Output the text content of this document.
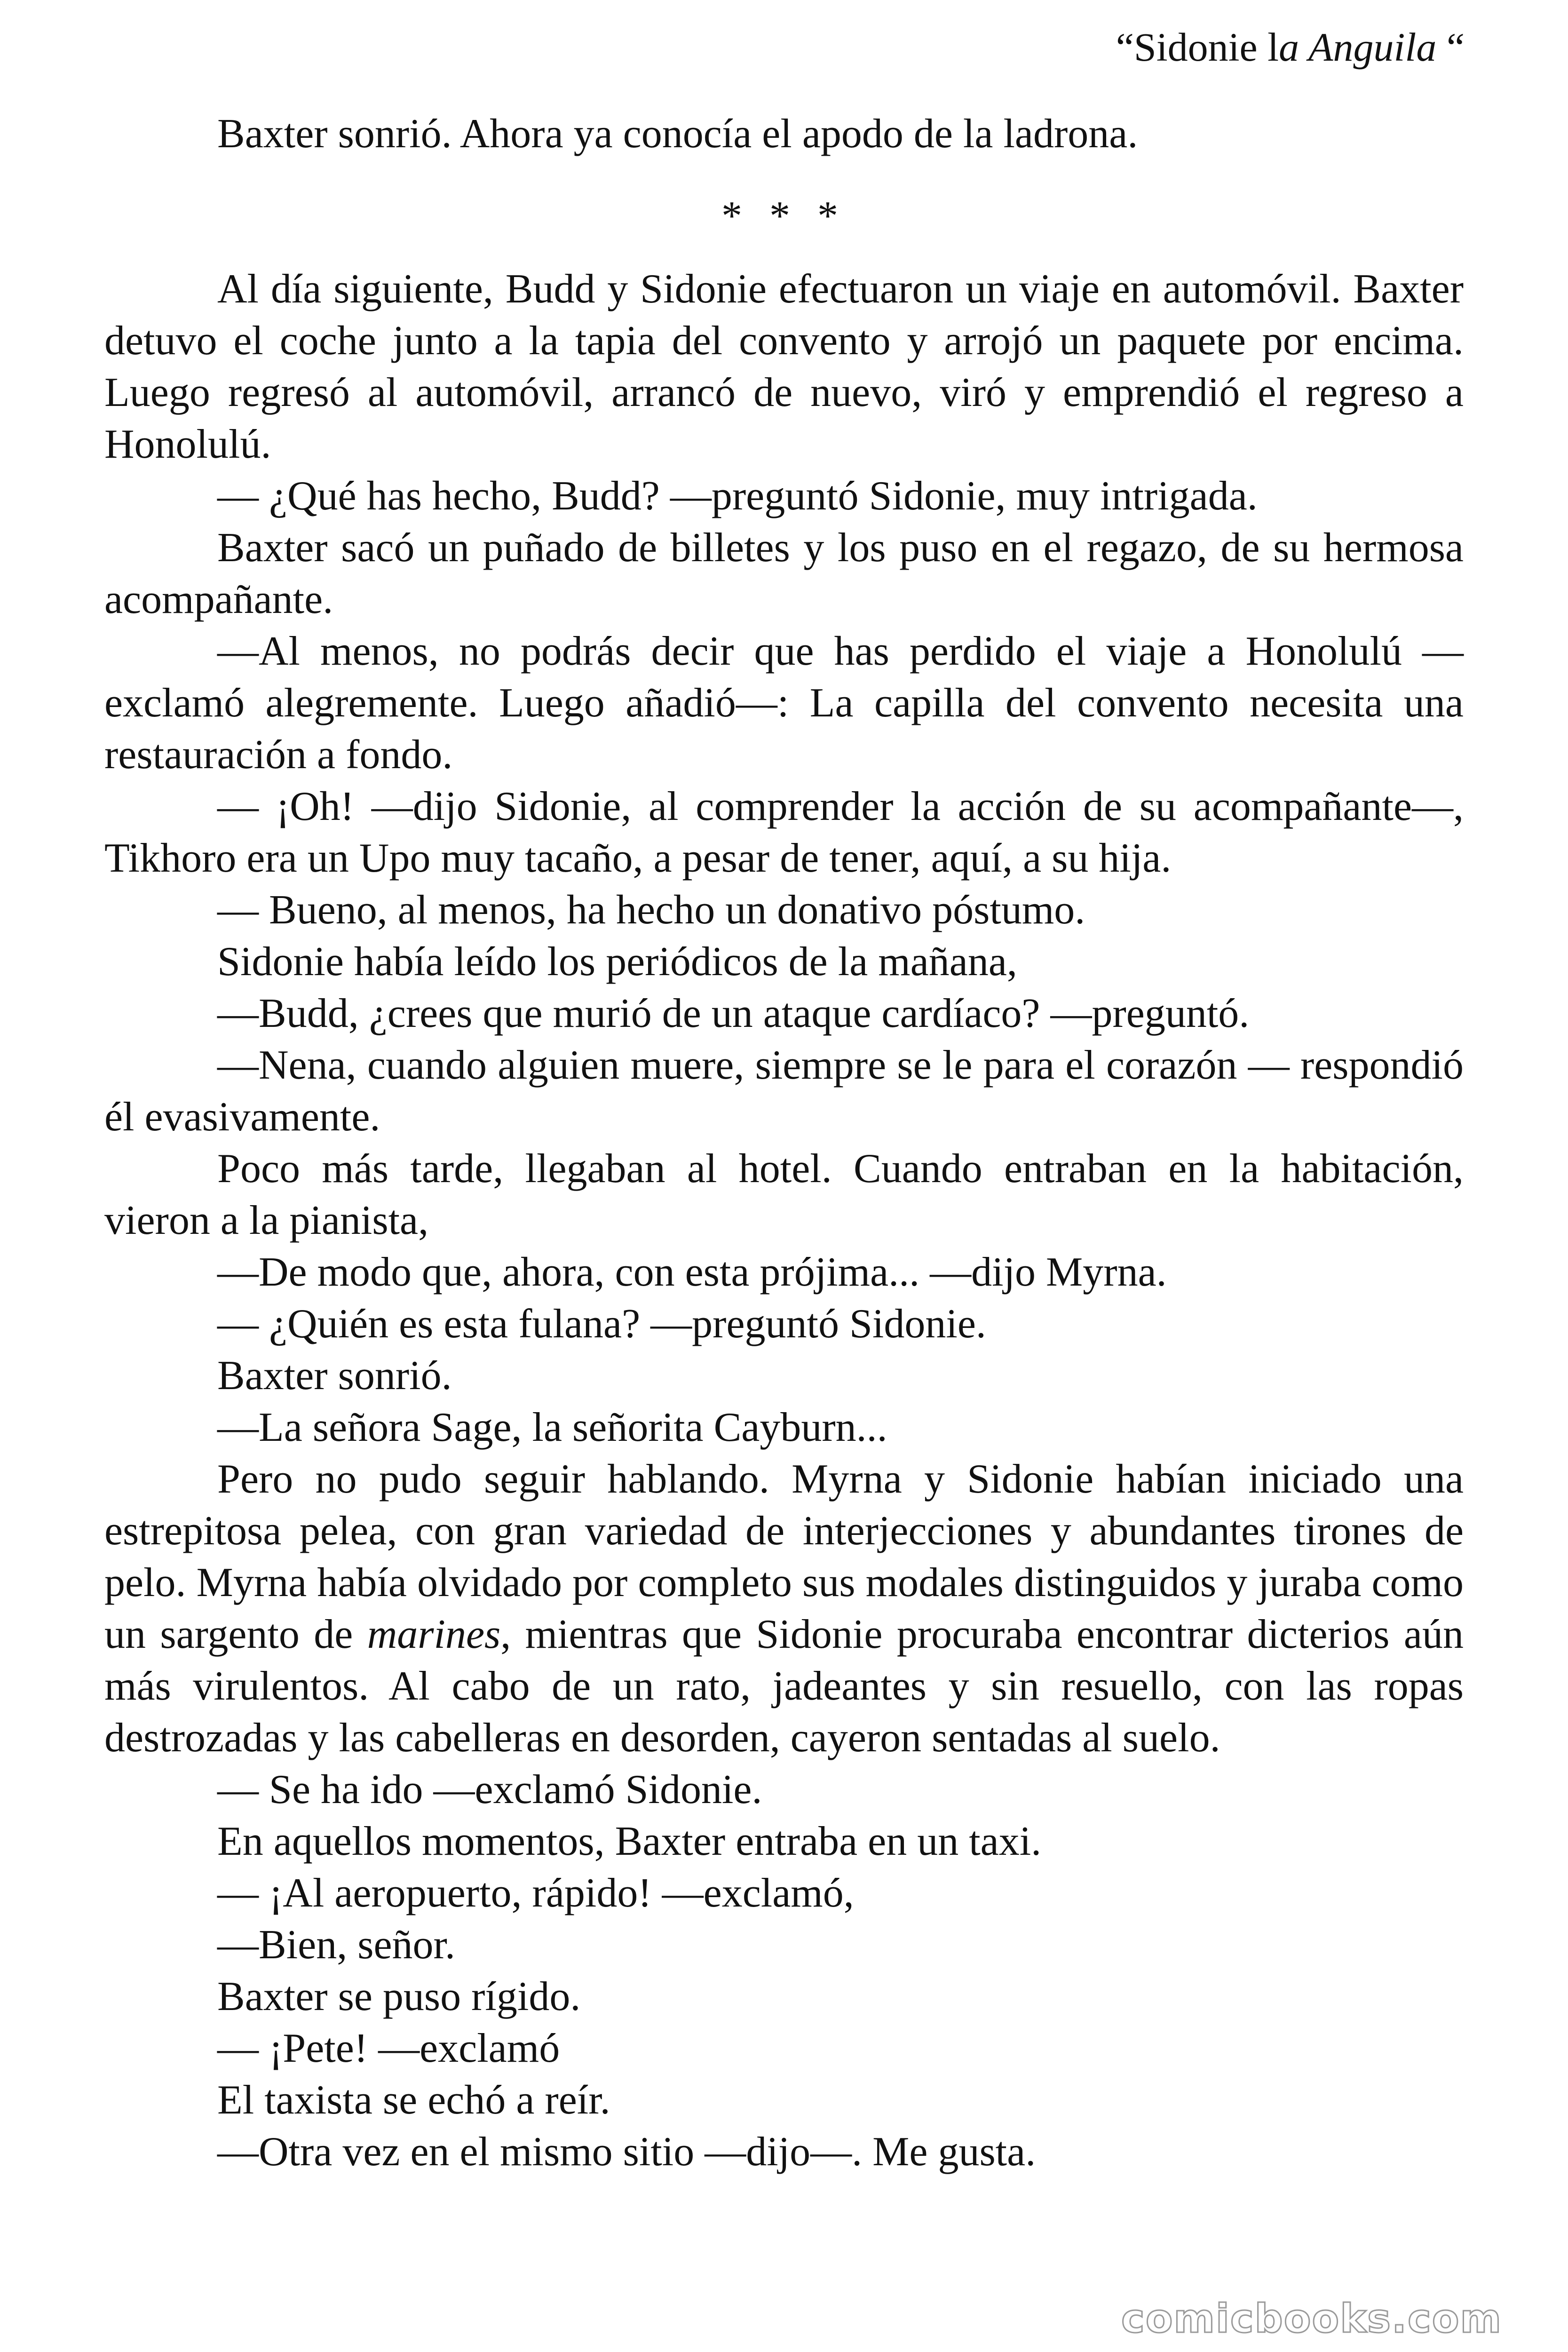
“Sidonie la Anguila “

Baxter sonrió. Ahora ya conocía el apodo de la ladrona.

* * *

Al día siguiente, Budd y Sidonie efectuaron un viaje en automóvil. Baxter detuvo el coche junto a la tapia del convento y arrojó un paquete por encima. Luego regresó al automóvil, arrancó de nuevo, viró y emprendió el regreso a Honolulú.

— ¿Qué has hecho, Budd? —preguntó Sidonie, muy intrigada.

Baxter sacó un puñado de billetes y los puso en el regazo, de su hermosa acompañante.

—Al menos, no podrás decir que has perdido el viaje a Honolulú —exclamó alegremente. Luego añadió—: La capilla del convento necesita una restauración a fondo.

— ¡Oh! —dijo Sidonie, al comprender la acción de su acompañante—, Tikhoro era un Upo muy tacaño, a pesar de tener, aquí, a su hija.

— Bueno, al menos, ha hecho un donativo póstumo.

Sidonie había leído los periódicos de la mañana,

—Budd, ¿crees que murió de un ataque cardíaco? —preguntó.

—Nena, cuando alguien muere, siempre se le para el corazón — respondió él evasivamente.

Poco más tarde, llegaban al hotel. Cuando entraban en la habitación, vieron a la pianista,

—De modo que, ahora, con esta prójima... —dijo Myrna.

— ¿Quién es esta fulana? —preguntó Sidonie.

Baxter sonrió.

—La señora Sage, la señorita Cayburn...

Pero no pudo seguir hablando. Myrna y Sidonie habían iniciado una estrepitosa pelea, con gran variedad de interjecciones y abundantes tirones de pelo. Myrna había olvidado por completo sus modales distinguidos y juraba como un sargento de marines, mientras que Sidonie procuraba encontrar dicterios aún más virulentos. Al cabo de un rato, jadeantes y sin resuello, con las ropas destrozadas y las cabelleras en desorden, cayeron sentadas al suelo.

— Se ha ido —exclamó Sidonie.

En aquellos momentos, Baxter entraba en un taxi.

— ¡Al aeropuerto, rápido! —exclamó,

—Bien, señor.

Baxter se puso rígido.

— ¡Pete! —exclamó

El taxista se echó a reír.

—Otra vez en el mismo sitio —dijo—. Me gusta.

comicbooks.com
